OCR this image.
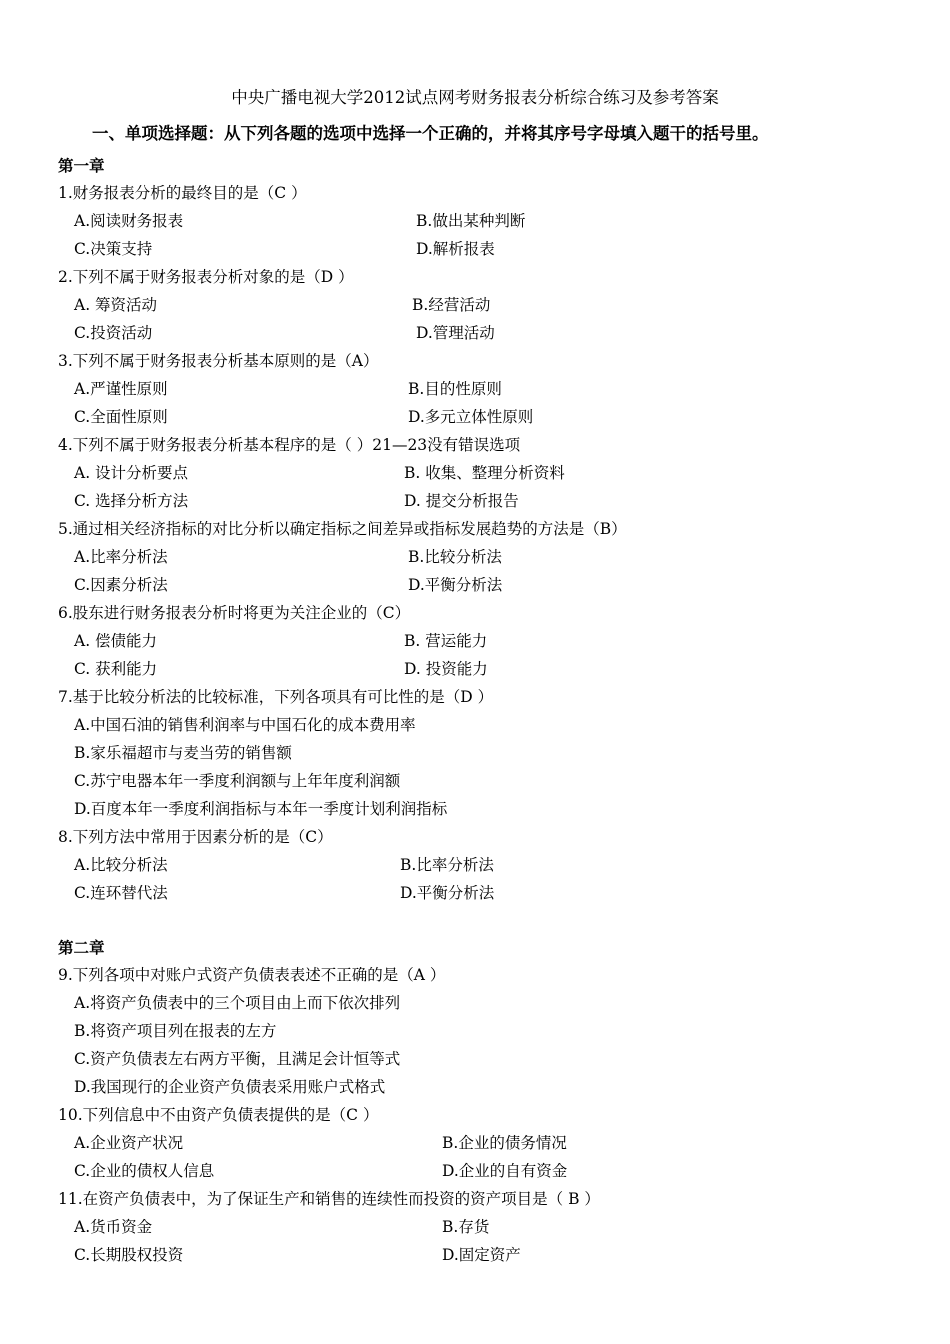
中央广播电视大学2012试点网考财务报表分析综合练习及参考答案
一、单项选择题：从下列各题的选项中选择一个正确的，并将其序号字母填入题干的括号里。
第一章
1.财务报表分析的最终目的是（C ）
A.阅读财务报表	B.做出某种判断
C.决策支持	D.解析报表
2.下列不属于财务报表分析对象的是（D ）
A. 筹资活动	B.经营活动
C.投资活动	D.管理活动
3.下列不属于财务报表分析基本原则的是（A）
A.严谨性原则	B.目的性原则
C.全面性原则	D.多元立体性原则
4.下列不属于财务报表分析基本程序的是（ ）21—23没有错误选项
A. 设计分析要点	B. 收集、整理分析资料
C. 选择分析方法	D. 提交分析报告
5.通过相关经济指标的对比分析以确定指标之间差异或指标发展趋势的方法是（B）
A.比率分析法	B.比较分析法
C.因素分析法	D.平衡分析法
6.股东进行财务报表分析时将更为关注企业的（C）
A. 偿债能力	B. 营运能力
C. 获利能力	D. 投资能力
7.基于比较分析法的比较标准，下列各项具有可比性的是（D ）
A.中国石油的销售利润率与中国石化的成本费用率
B.家乐福超市与麦当劳的销售额
C.苏宁电器本年一季度利润额与上年年度利润额
D.百度本年一季度利润指标与本年一季度计划利润指标
8.下列方法中常用于因素分析的是（C）
A.比较分析法	B.比率分析法
C.连环替代法	D.平衡分析法
第二章
9.下列各项中对账户式资产负债表表述不正确的是（A ）
A.将资产负债表中的三个项目由上而下依次排列
B.将资产项目列在报表的左方
C.资产负债表左右两方平衡，且满足会计恒等式
D.我国现行的企业资产负债表采用账户式格式
10.下列信息中不由资产负债表提供的是（C ）
A.企业资产状况	B.企业的债务情况
C.企业的债权人信息	D.企业的自有资金
11.在资产负债表中，为了保证生产和销售的连续性而投资的资产项目是（ B ）
A.货币资金	B.存货
C.长期股权投资	D.固定资产
